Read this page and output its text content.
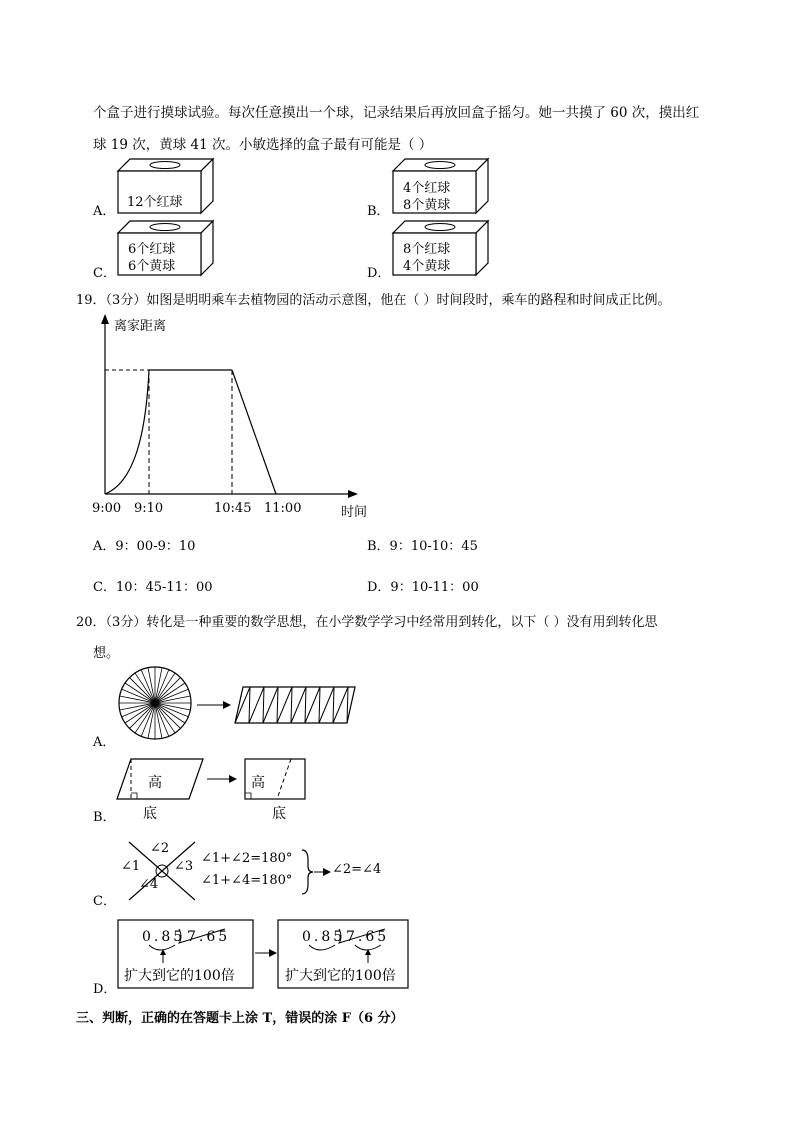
个盒子进行摸球试验。每次任意摸出一个球，记录结果后再放回盒子摇匀。她一共摸了 60 次，摸出红
球 19 次，黄球 41 次。小敏选择的盒子最有可能是（ ）
A．
12个红球
B．
4个红球
8个黄球
C．
6个红球
6个黄球	D．
8个红球
4个黄球
19．（3分）如图是明明乘车去植物园的活动示意图，他在（ ）时间段时，乘车的路程和时间成正比例。
离家距离
时间
9:00 9:10	10:45 11:00
A．9：00-9：10	B．9：10-10：45
C．10：45-11：00	D．9：10-11：00
20．（3分）转化是一种重要的数学思想，在小学数学学习中经常用到转化，以下（ ）没有用到转化思
想。
A．
B．
高
底
高
底
C．
∠1
∠2
∠3
∠4
∠1+∠2=180°
∠1+∠4=180°
∠2=∠4
D．
0.85 7.65
扩大到它的100倍
0.85 7.65
扩大到它的100倍
三、判断，正确的在答题卡上涂 T，错误的涂 F（6 分）
